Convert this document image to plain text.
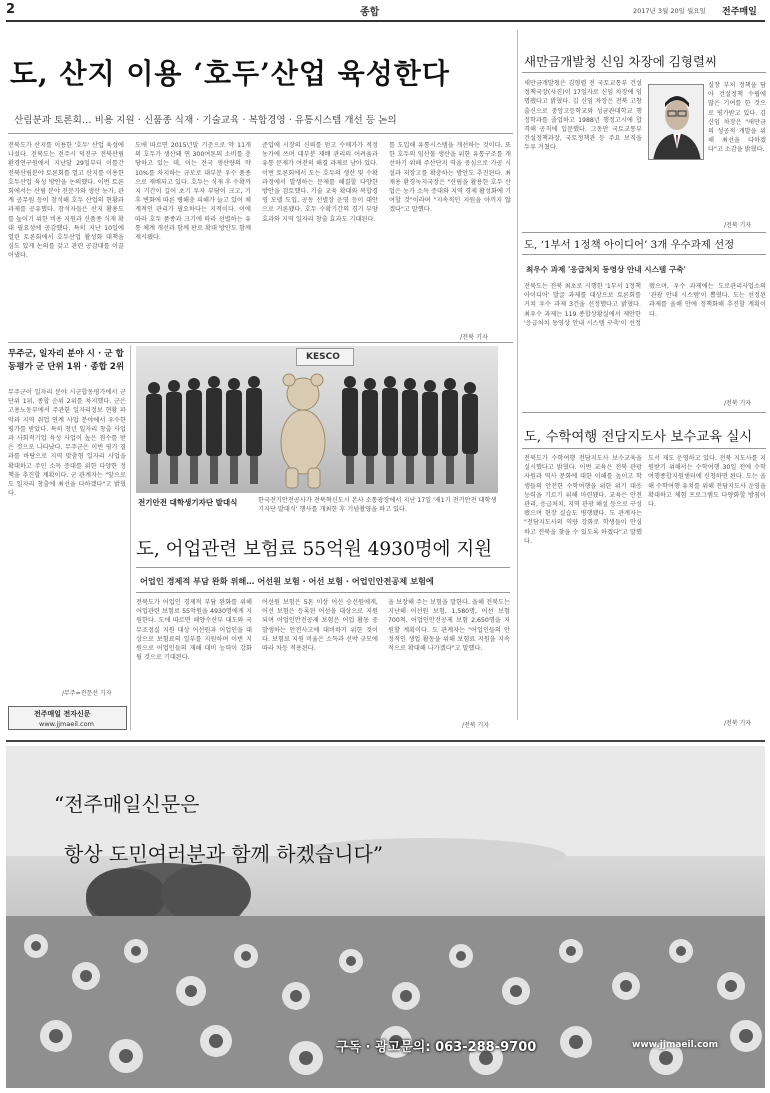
2	종합	2017년 3월 20일 월요일 전주매일
도, 산지 이용 ‘호두’산업 육성한다
산림분과 토론회… 비용 지원 · 신품종 식재 · 기술교육 · 복합경영 · 유통시스템 개선 등 논의
전북도가 산지를 이용한 '호두' 산업 육성에 나섰다. 전북도는 전주시 덕진구 전북산림환경연구원에서 지난달 29일부터 이틀간 전북산림분야 토론회를 열고 산지를 이용한 호두산업 육성 방안을 논의했다. 이번 토론회에서는 산림 분야 전문가와 생산 농가, 관계 공무원 등이 참석해 호두 산업의 현황과 과제를 공유했다. 참석자들은 산지 활용도를 높이기 위한 비용 지원과 신품종 식재 확대 필요성에 공감했다. 특히 지난 10일에 열린 토론회에서 호두산업 활성화 대책을 심도 있게 논의를 갖고 관련 공감대를 이끌어냈다.
도에 따르면 2015년말 기준으로 약 11개의 호두가 생산돼 연 300여톤의 소비를 충당하고 있는 데, 이는 전국 생산량의 약 10%를 차지하는 규모로 대부분 우수 품종으로 재배되고 있다. 호두는 식재 후 수확까지 기간이 길어 초기 투자 부담이 크고, 기후 변화에 따른 병해충 피해가 늘고 있어 체계적인 관리가 필요하다는 지적이다. 이에 따라 호두 품종과 크기에 따라 선별하는 유통 체계 개선과 함께 판로 확대 방안도 함께 제시됐다.
준입에 시장의 신뢰를 얻고 수매가가 적정 농가에 쓰며 대부분 재배 관리의 어려움과 유통 문제가 여전히 해결 과제로 남아 있다. 이번 토론회에서 도는 호두의 생산 및 수확 과정에서 발생하는 문제를 해결할 다양한 방안을 검토했다. 기술 교육 확대와 복합경영 모델 도입, 공동 선별장 운영 등이 대안으로 거론됐다. 호두 수확기간의 경기 부양 효과와 지역 일자리 창출 효과도 기대된다.
를 도입해 유통시스템을 개선하는 것이다. 또한 호두의 임산물 생산을 위한 유통구조를 개선하기 위해 주산단지 역을 중심으로 가공 시설과 저장고를 확충하는 방안도 추진된다. 최재용 환경녹지국장은 "산림을 활용한 호두 산업은 농가 소득 증대와 지역 경제 활성화에 기여할 것"이라며 "지속적인 지원을 아끼지 않겠다"고 말했다.
/전북 기자
무주군, 일자리 분야 시 · 군 합동평가 군 단위 1위 · 종합 2위
무주군이 일자리 분야 시군합동평가에서 군 단위 1위, 종합 순위 2위를 차지했다. 군은 고용노동부에서 주관한 일자리정보 현황 파악과 지역 취업 연계 사업 분야에서 우수한 평가를 받았다. 특히 청년 일자리 창출 사업과 사회적기업 육성 사업이 높은 점수를 받은 것으로 나타났다. 무주군은 이번 평가 결과를 바탕으로 지역 맞춤형 일자리 사업을 확대하고 주민 소득 증대를 위한 다양한 정책을 추진할 계획이다. 군 관계자는 "앞으로도 일자리 창출에 최선을 다하겠다"고 밝혔다.
/무주=전문선 기자
전주매일 전자신문
www.jjmaeil.com
KESCO
전기안전 대학생기자단 발대식	한국전기안전공사가 전북혁신도시 본사 소통광장에서 지난 17일 '제1기 전기안전 대학생기자단 발대식' 행사를 개최한 후 기념촬영을 하고 있다.
도, 어업관련 보험료 55억원 4930명에 지원
어업인 경제적 부담 완화 위해… 어선원 보험 · 어선 보험 · 어업인안전공제 보험에
전북도가 어업인 경제적 부담 완화를 위해 어업관련 보험료 55억원을 4930명에게 지원한다. 도에 따르면 해양수산부 대도와 국무조정실 지원 대상 어선원과 어업인을 대상으로 보험료의 일부를 지원하며 이번 지원으로 어업인들의 재해 대비 능력이 강화될 것으로 기대된다.
어선원 보험은 5톤 이상 어선 승선원에게, 어선 보험은 등록된 어선을 대상으로 지원되며 어업인안전공제 보험은 어업 활동 중 발생하는 안전사고에 대비하기 위한 것이다. 보험료 지원 비율은 소득과 선박 규모에 따라 차등 적용된다.
을 보장해 주는 보험을 말한다. 올해 전북도는 지난해 어선원 보험, 1,580명, 어선 보험 700척, 어업인안전공제 보험 2,650명을 지원할 계획이다. 도 관계자는 "어업인들의 안정적인 생업 활동을 위해 보험료 지원을 지속적으로 확대해 나가겠다"고 말했다.
/전북 기자
새만금개발청 신임 차장에 김형렬씨
새만금개발청은 김형렬 전 국토교통부 건설정책국장(사진)이 17일자로 신임 차장에 임명됐다고 밝혔다. 김 신임 차장은 전북 고창 출신으로 중앙고등학교와 성균관대학교 행정학과를 졸업하고 1988년 행정고시에 합격해 공직에 입문했다. 그동안 국토교통부 건설정책과장, 국토정책관 등 주요 보직을 두루 거쳤다.
실장 부처 정책을 담아 건설정책 수립에 많은 기여를 한 것으로 평가받고 있다. 김 신임 차장은 "새만금의 성공적 개발을 위해 최선을 다하겠다"고 소감을 밝혔다.
/전북 기자
도, ‘1부서 1정책 아이디어’ 3개 우수과제 선정
최우수 과제 '응급처치 동영상 안내 시스템 구축'
전북도는 전북 최초로 시행한 '1부서 1정책 아이디어' 발굴 과제를 대상으로 토론회를 거쳐 우수 과제 3건을 선정했다고 밝혔다. 최우수 과제는 119 종합상황실에서 제안한 '응급처치 동영상 안내 시스템 구축'이 선정됐으며, 우수 과제에는 도로관리사업소의 '관광 안내 시스템'이 뽑혔다. 도는 선정된 과제를 올해 안에 정책화해 추진할 계획이다.
/전북 기자
도, 수학여행 전담지도사 보수교육 실시
전북도가 수학여행 전담지도사 보수교육을 실시했다고 밝혔다. 이번 교육은 전북 관광 자원과 역사 문화에 대한 이해를 높이고 학생들의 안전한 수학여행을 위한 위기 대응 능력을 기르기 위해 마련됐다. 교육은 안전 관리, 응급처치, 지역 관광 해설 등으로 구성됐으며 현장 실습도 병행됐다. 도 관계자는 "전담지도사의 역량 강화로 학생들이 안심하고 전북을 찾을 수 있도록 하겠다"고 말했다.
도서 재도 운영하고 있다. 전북 지도사를 지원받기 위해서는 수학여행 30일 전에 수학여행종합지원센터에 신청하면 된다. 도는 올해 수학여행 유치를 위해 전담지도사 운영을 확대하고 체험 프로그램도 다양화할 방침이다.
/전북 기자
“전주매일신문은
항상 도민여러분과 함께 하겠습니다”
구독 · 광고문의: 063-288-9700	www.jjmaeil.com
